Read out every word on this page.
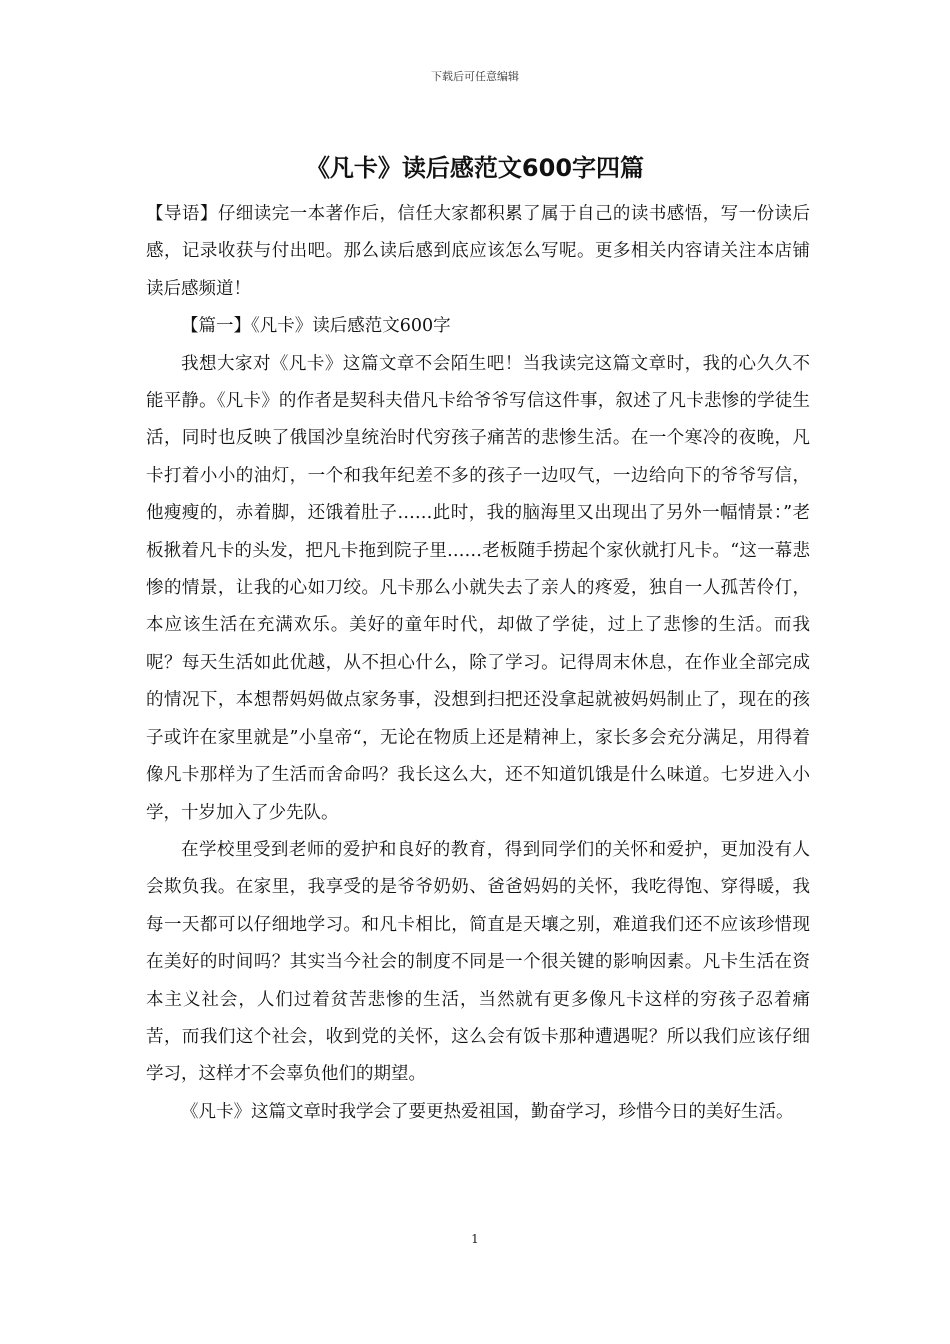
下载后可任意编辑
《凡卡》读后感范文600字四篇

【导语】仔细读完一本著作后，信任大家都积累了属于自己的读书感悟，写一份读后感，记录收获与付出吧。那么读后感到底应该怎么写呢。更多相关内容请关注本店铺读后感频道！

【篇一】《凡卡》读后感范文600字

我想大家对《凡卡》这篇文章不会陌生吧！当我读完这篇文章时，我的心久久不能平静。《凡卡》的作者是契科夫借凡卡给爷爷写信这件事，叙述了凡卡悲惨的学徒生活，同时也反映了俄国沙皇统治时代穷孩子痛苦的悲惨生活。在一个寒冷的夜晚，凡卡打着小小的油灯，一个和我年纪差不多的孩子一边叹气，一边给向下的爷爷写信，他瘦瘦的，赤着脚，还饿着肚子……此时，我的脑海里又出现出了另外一幅情景：”老板揪着凡卡的头发，把凡卡拖到院子里……老板随手捞起个家伙就打凡卡。“这一幕悲惨的情景，让我的心如刀绞。凡卡那么小就失去了亲人的疼爱，独自一人孤苦伶仃，本应该生活在充满欢乐。美好的童年时代，却做了学徒，过上了悲惨的生活。而我呢？每天生活如此优越，从不担心什么，除了学习。记得周末休息，在作业全部完成的情况下，本想帮妈妈做点家务事，没想到扫把还没拿起就被妈妈制止了，现在的孩子或许在家里就是”小皇帝“，无论在物质上还是精神上，家长多会充分满足，用得着像凡卡那样为了生活而舍命吗？我长这么大，还不知道饥饿是什么味道。七岁进入小学，十岁加入了少先队。

在学校里受到老师的爱护和良好的教育，得到同学们的关怀和爱护，更加没有人会欺负我。在家里，我享受的是爷爷奶奶、爸爸妈妈的关怀，我吃得饱、穿得暖，我每一天都可以仔细地学习。和凡卡相比，简直是天壤之别，难道我们还不应该珍惜现在美好的时间吗？其实当今社会的制度不同是一个很关键的影响因素。凡卡生活在资本主义社会，人们过着贫苦悲惨的生活，当然就有更多像凡卡这样的穷孩子忍着痛苦，而我们这个社会，收到党的关怀，这么会有饭卡那种遭遇呢？所以我们应该仔细学习，这样才不会辜负他们的期望。

《凡卡》这篇文章时我学会了要更热爱祖国，勤奋学习，珍惜今日的美好生活。

1
